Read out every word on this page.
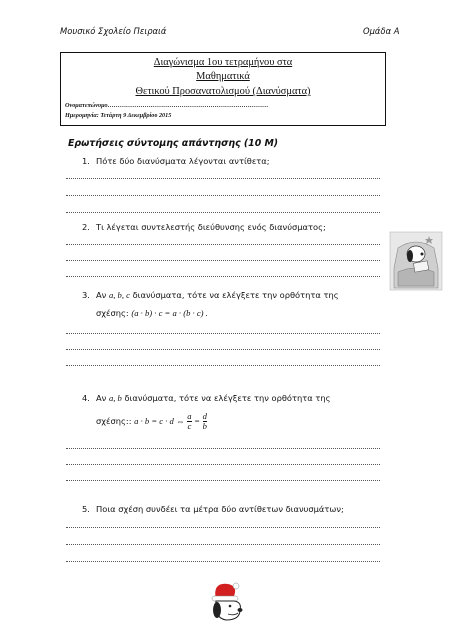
Μουσικό Σχολείο Πειραιά	Ομάδα Α
Διαγώνισμα 1ου τετραμήνου στα
Μαθηματικά
Θετικού Προσανατολισμού (Διανύσματα)
Ονοματεπώνυμο……………………………………………………………………
Ημερομηνία: Τετάρτη 9 Δεκεμβρίου 2015
Ερωτήσεις σύντομης απάντησης (10 Μ)
1. Πότε δύο διανύσματα λέγονται αντίθετα;
2. Τι λέγεται συντελεστής διεύθυνσης ενός διανύσματος;
3. Αν a, b, c διανύσματα, τότε να ελέγξετε την ορθότητα της
σχέσης: (a · b) · c = a · (b · c) .
4. Αν a, b διανύσματα, τότε να ελέγξετε την ορθότητα της
σχέσης:: a · b = c · d ⇔ $\frac{a}{c} = \frac{d}{b}$
5. Ποια σχέση συνδέει τα μέτρα δύο αντίθετων διανυσμάτων;
